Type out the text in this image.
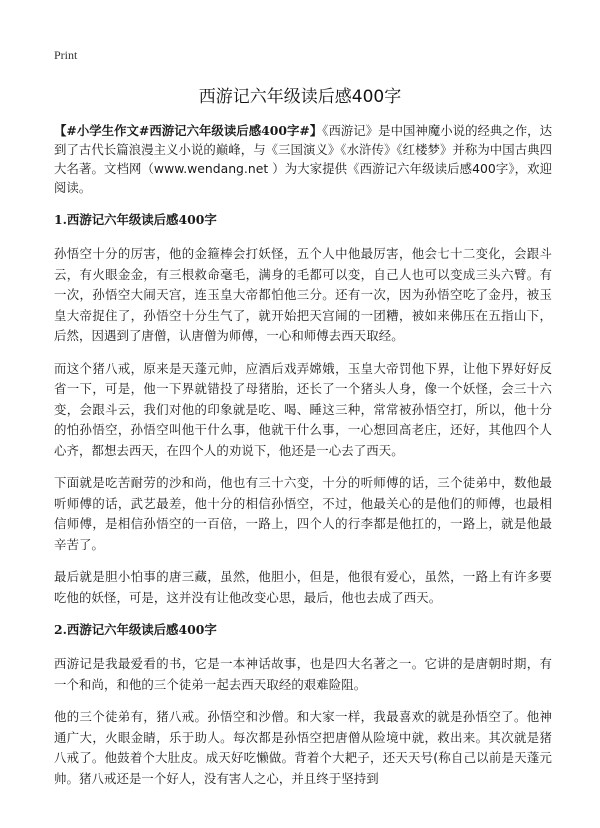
Print
西游记六年级读后感400字

【#小学生作文#西游记六年级读后感400字#】《西游记》是中国神魔小说的经典之作，达到了古代长篇浪漫主义小说的巅峰，与《三国演义》《水浒传》《红楼梦》并称为中国古典四大名著。文档网（www.wendang.net ）为大家提供《西游记六年级读后感400字》，欢迎阅读。

1.西游记六年级读后感400字

孙悟空十分的厉害，他的金箍棒会打妖怪，五个人中他最厉害，他会七十二变化，会跟斗云，有火眼金金，有三根救命毫毛，满身的毛都可以变，自己人也可以变成三头六臂。有一次，孙悟空大闹天宫，连玉皇大帝都怕他三分。还有一次，因为孙悟空吃了金丹，被玉皇大帝捉住了，孙悟空十分生气了，就开始把天宫闹的一团糟，被如来佛压在五指山下，后然，因遇到了唐僧，认唐僧为师傅，一心和师傅去西天取经。

而这个猪八戒，原来是天蓬元帅，应酒后戏弄嫦娥，玉皇大帝罚他下界，让他下界好好反省一下，可是，他一下界就错投了母猪胎，还长了一个猪头人身，像一个妖怪，会三十六变，会跟斗云，我们对他的印象就是吃、喝、睡这三种，常常被孙悟空打，所以，他十分的怕孙悟空，孙悟空叫他干什么事，他就干什么事，一心想回高老庄，还好，其他四个人心齐，都想去西天，在四个人的劝说下，他还是一心去了西天。

下面就是吃苦耐劳的沙和尚，他也有三十六变，十分的听师傅的话，三个徒弟中，数他最听师傅的话，武艺最差，他十分的相信孙悟空，不过，他最关心的是他们的师傅，也最相信师傅，是相信孙悟空的一百倍，一路上，四个人的行李都是他扛的，一路上，就是他最辛苦了。

最后就是胆小怕事的唐三藏，虽然，他胆小，但是，他很有爱心，虽然，一路上有许多要吃他的妖怪，可是，这并没有让他改变心思，最后，他也去成了西天。

2.西游记六年级读后感400字

西游记是我最爱看的书，它是一本神话故事，也是四大名著之一。它讲的是唐朝时期，有一个和尚，和他的三个徒弟一起去西天取经的艰难险阻。

他的三个徒弟有，猪八戒。孙悟空和沙僧。和大家一样，我最喜欢的就是孙悟空了。他神通广大，火眼金睛，乐于助人。每次都是孙悟空把唐僧从险境中就，救出来。其次就是猪八戒了。他鼓着个大肚皮。成天好吃懒做。背着个大耙子，还天天号(称自己以前是天蓬元帅。猪八戒还是一个好人，没有害人之心，并且终于坚持到
